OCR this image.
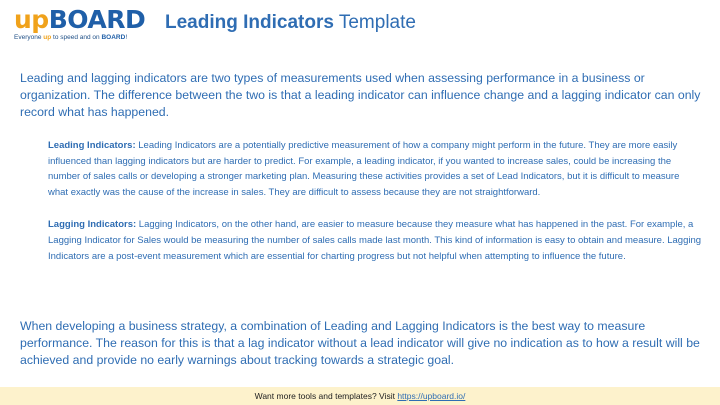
upBOARD
Everyone up to speed and on BOARD!
Leading Indicators Template

Leading and lagging indicators are two types of measurements used when assessing performance in a business or organization. The difference between the two is that a leading indicator can influence change and a lagging indicator can only record what has happened.

Leading Indicators: Leading Indicators are a potentially predictive measurement of how a company might perform in the future. They are more easily influenced than lagging indicators but are harder to predict. For example, a leading indicator, if you wanted to increase sales, could be increasing the number of sales calls or developing a stronger marketing plan. Measuring these activities provides a set of Lead Indicators, but it is difficult to measure what exactly was the cause of the increase in sales. They are difficult to assess because they are not straightforward.
Lagging Indicators: Lagging Indicators, on the other hand, are easier to measure because they measure what has happened in the past. For example, a Lagging Indicator for Sales would be measuring the number of sales calls made last month. This kind of information is easy to obtain and measure. Lagging Indicators are a post-event measurement which are essential for charting progress but not helpful when attempting to influence the future.

When developing a business strategy, a combination of Leading and Lagging Indicators is the best way to measure performance. The reason for this is that a lag indicator without a lead indicator will give no indication as to how a result will be achieved and provide no early warnings about tracking towards a strategic goal.

Want more tools and templates? Visit https://upboard.io/
